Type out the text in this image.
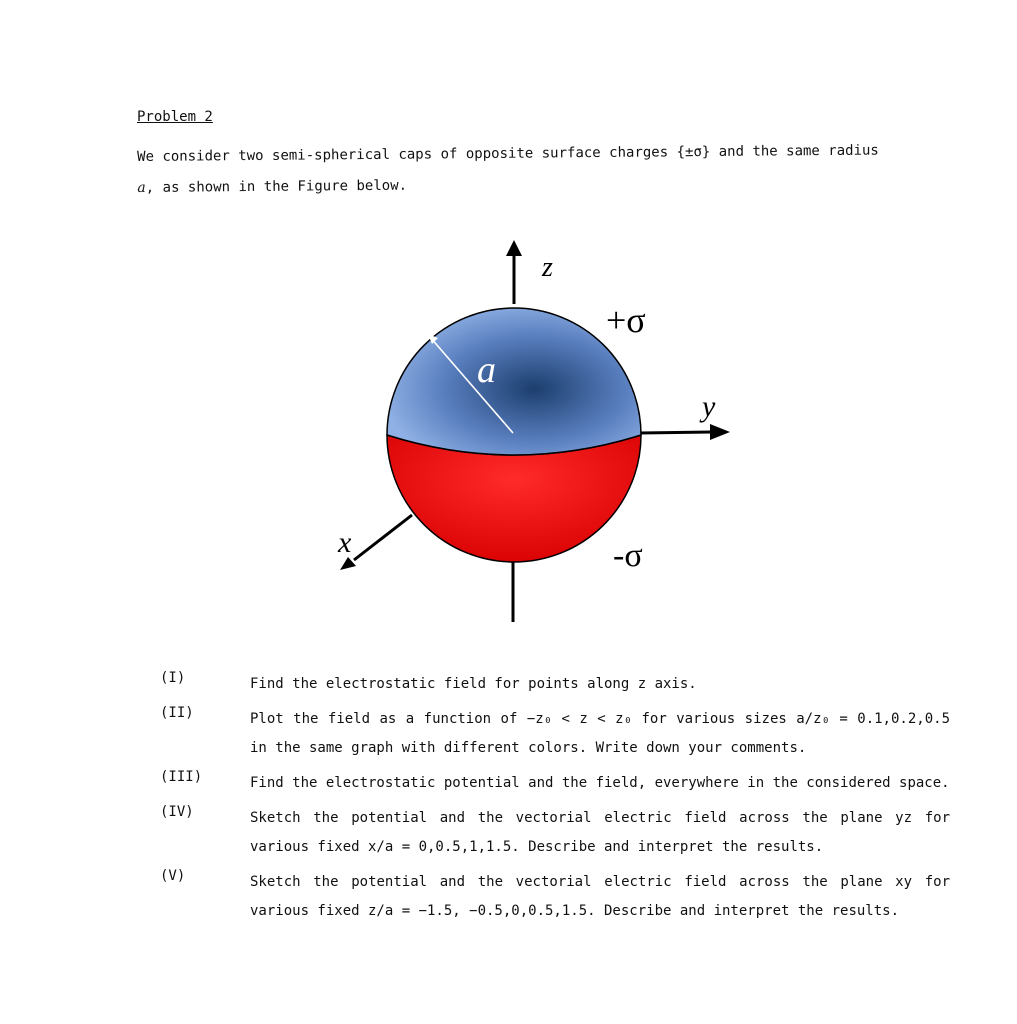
Problem 2
We consider two semi-spherical caps of opposite surface charges {±σ} and the same radius
a, as shown in the Figure below.
z
y
x
a
+σ
-σ
(I)	Find the electrostatic field for points along z axis.
(II)	Plot the field as a function of −z₀ < z < z₀ for various sizes a/z₀ = 0.1,0.2,0.5 in the same graph with different colors. Write down your comments.
(III)	Find the electrostatic potential and the field, everywhere in the considered space.
(IV)	Sketch the potential and the vectorial electric field across the plane yz for various fixed x/a = 0,0.5,1,1.5. Describe and interpret the results.
(V)	Sketch the potential and the vectorial electric field across the plane xy for various fixed z/a = −1.5, −0.5,0,0.5,1.5. Describe and interpret the results.
